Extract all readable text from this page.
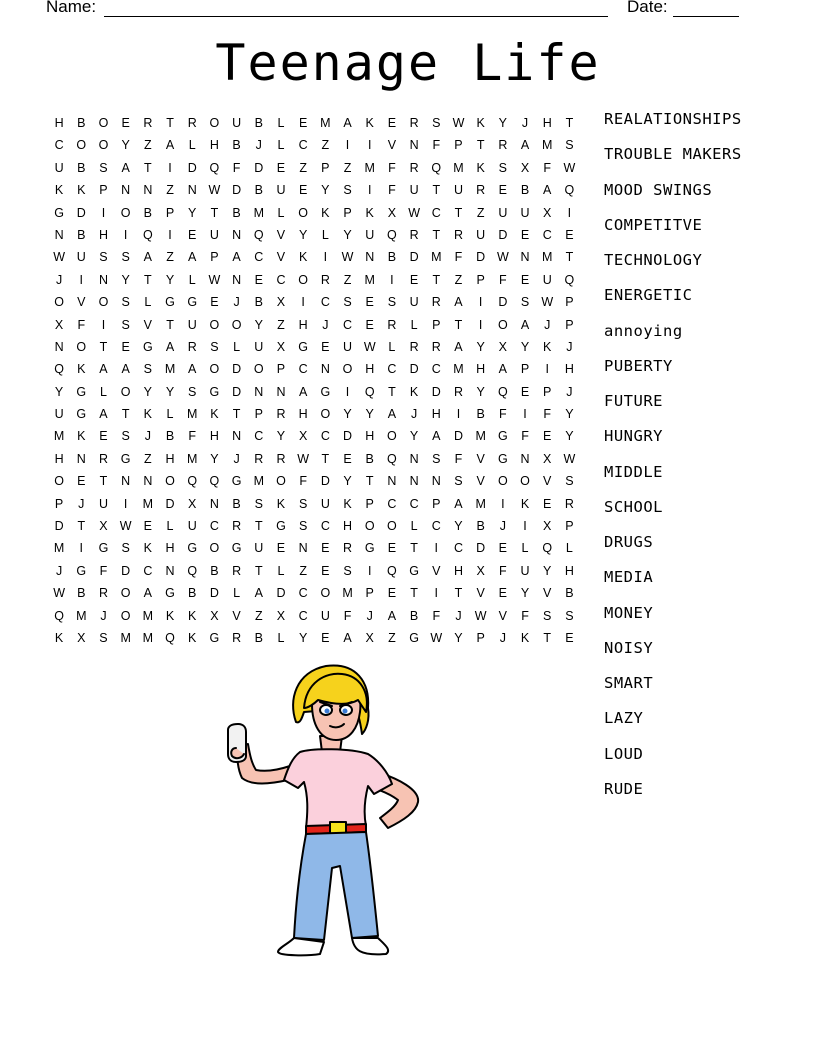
Name:	Date:
Teenage Life
H	B	O	E	R	T	R	O	U	B	L	E	M	A	K	E	R	S W K	Y	J	H	T
C	O O	Y	Z	A	L	H	B	J	L	C	Z	I	I	V	N	F	P	T	R	A	M	S
U	B	S	A	T	I	D	Q	F	D	E	Z	P	Z	M	F	R	Q M	K	S	X	F W
K	K	P	N	N	Z	N W D	B	U	E	Y	S	I	F	U	T	U	R	E	B	A	Q
G	D	I	O	B	P	Y	T	B	M	L	O	K	P	K	X W C	T	Z	U	U	X	I
N	B	H	I	Q	I	E	U	N	Q	V	Y	L	Y	U	Q	R	T	R	U	D	E	C	E
W U	S	S	A	Z	A	P	A	C	V	K	I	W N	B	D M	F	D W N M	T
J	I	N	Y	T	Y	L	W N	E	C	O	R	Z	M	I	E	T	Z	P	F	E	U	Q
O	V	O	S	L	G G	E	J	B	X	I	C	S	E	S	U	R	A	I	D	S W P
X	F	I	S	V	T	U	O O	Y	Z	H	J	C	E	R	L	P	T	I	O	A	J	P
N	O	T	E	G	A	R	S	L	U	X	G	E	U W	L	R	R	A	Y	X	Y	K	J
Q	K	A	A	S	M	A	O	D	O	P	C	N	O	H	C	D	C M H	A	P	I	H
Y	G	L	O	Y	Y	S	G	D	N	N	A	G	I	Q	T	K	D	R	Y	Q	E	P	J
U	G	A	T	K	L	M	K	T	P	R	H	O	Y	Y	A	J	H	I	B	F	I	F	Y
M	K	E	S	J	B	F	H	N	C	Y	X	C	D	H	O	Y	A	D M G	F	E	Y
H	N	R	G	Z	H M	Y	J	R	R W T	E	B	Q	N	S	F	V	G	N	X W
O	E	T	N	N	O Q Q G M O	F	D	Y	T	N	N	N	S	V	O O	V	S
P	J	U	I	M D	X	N	B	S	K	S	U	K	P	C	C	P	A	M	I	K	E	R
D	T	X W E	L	U	C	R	T	G	S	C	H	O O	L	C	Y	B	J	I	X	P
M	I	G	S	K	H	G O G	U	E	N	E	R	G	E	T	I	C	D	E	L	Q	L
J	G	F	D	C	N	Q	B	R	T	L	Z	E	S	I	Q G	V	H	X	F	U	Y	H
W B	R	O	A	G	B	D	L	A	D	C	O M	P	E	T	I	T	V	E	Y	V	B
Q M	J	O M	K	K	X	V	Z	X	C	U	F	J	A	B	F	J	W V	F	S	S
K	X	S	M M Q	K	G	R	B	L	Y	E	A	X	Z	G W Y	P	J	K	T	E
REALATIONSHIPS
TROUBLE MAKERS
MOOD SWINGS
COMPETITVE
TECHNOLOGY
ENERGETIC
annoying
PUBERTY
FUTURE
HUNGRY
MIDDLE
SCHOOL
DRUGS
MEDIA
MONEY
NOISY
SMART
LAZY
LOUD
RUDE
